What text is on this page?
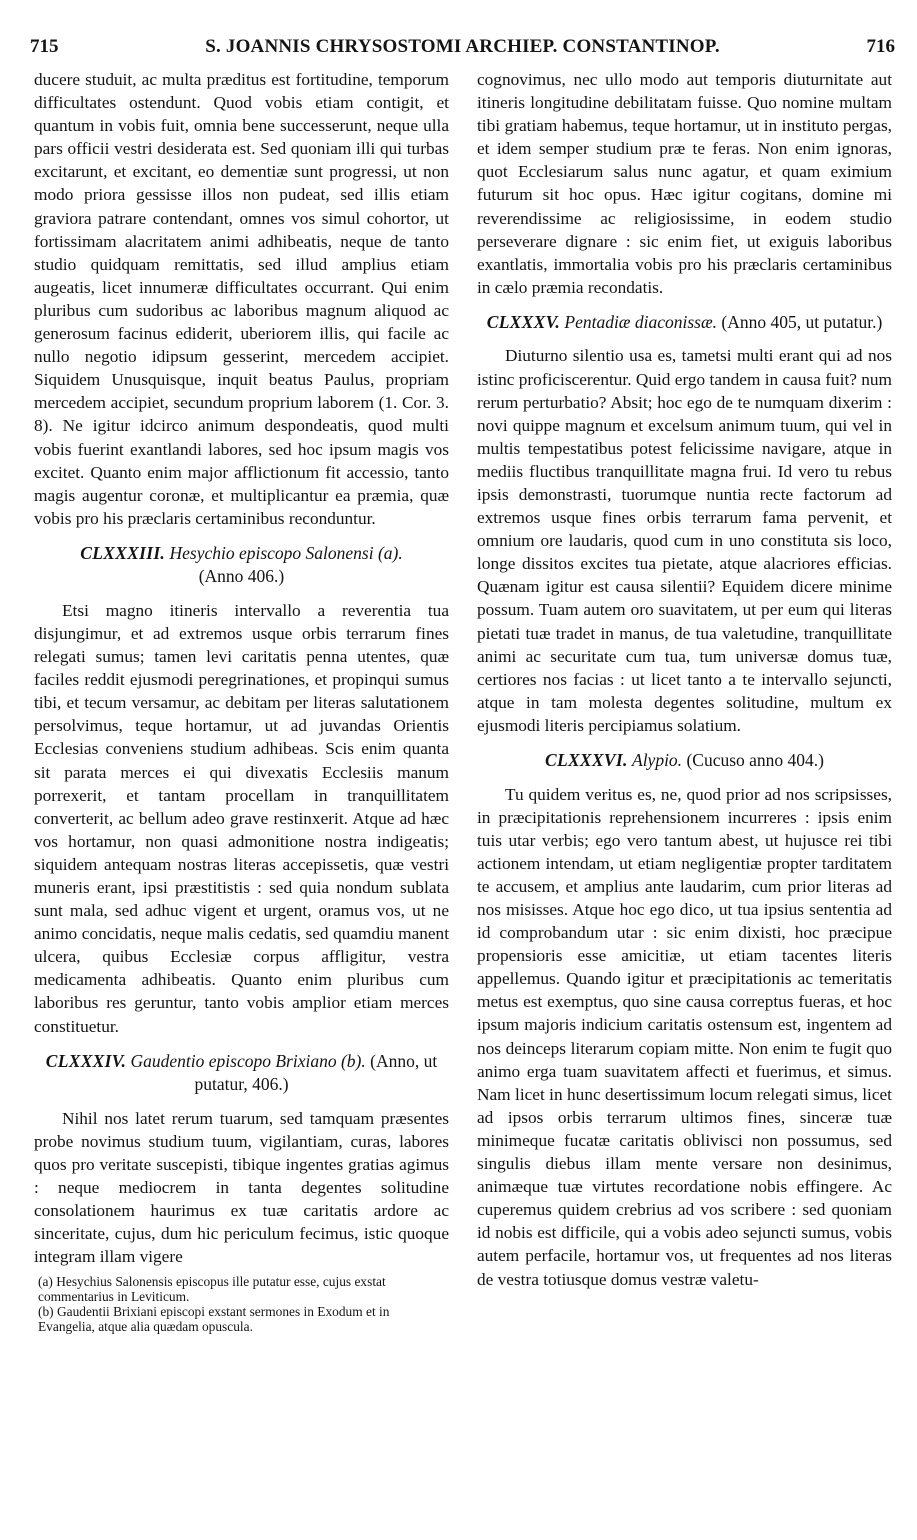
715	S. JOANNIS CHRYSOSTOMI ARCHIEP. CONSTANTINOP.	716

ducere studuit, ac multa præditus est fortitudine, temporum difficultates ostendunt. Quod vobis etiam contigit, et quantum in vobis fuit, omnia bene successerunt, neque ulla pars officii vestri desiderata est. Sed quoniam illi qui turbas excitarunt, et excitant, eo dementiæ sunt progressi, ut non modo priora gessisse illos non pudeat, sed illis etiam graviora patrare contendant, omnes vos simul cohortor, ut fortissimam alacritatem animi adhibeatis, neque de tanto studio quidquam remittatis, sed illud amplius etiam augeatis, licet innumeræ difficultates occurrant. Qui enim pluribus cum sudoribus ac laboribus magnum aliquod ac generosum facinus ediderit, uberiorem illis, qui facile ac nullo negotio idipsum gesserint, mercedem accipiet. Siquidem Unusquisque, inquit beatus Paulus, propriam mercedem accipiet, secundum proprium laborem (1. Cor. 3. 8). Ne igitur idcirco animum despondeatis, quod multi vobis fuerint exantlandi labores, sed hoc ipsum magis vos excitet. Quanto enim major afflictionum fit accessio, tanto magis augentur coronæ, et multiplicantur ea præmia, quæ vobis pro his præclaris certaminibus reconduntur.

CLXXXIII. Hesychio episcopo Salonensi (a).
(Anno 406.)

Etsi magno itineris intervallo a reverentia tua disjungimur, et ad extremos usque orbis terrarum fines relegati sumus; tamen levi caritatis penna utentes, quæ faciles reddit ejusmodi peregrinationes, et propinqui sumus tibi, et tecum versamur, ac debitam per literas salutationem persolvimus, teque hortamur, ut ad juvandas Orientis Ecclesias conveniens studium adhibeas. Scis enim quanta sit parata merces ei qui divexatis Ecclesiis manum porrexerit, et tantam procellam in tranquillitatem converterit, ac bellum adeo grave restinxerit. Atque ad hæc vos hortamur, non quasi admonitione nostra indigeatis; siquidem antequam nostras literas accepissetis, quæ vestri muneris erant, ipsi præstitistis : sed quia nondum sublata sunt mala, sed adhuc vigent et urgent, oramus vos, ut ne animo concidatis, neque malis cedatis, sed quamdiu manent ulcera, quibus Ecclesiæ corpus affligitur, vestra medicamenta adhibeatis. Quanto enim pluribus cum laboribus res geruntur, tanto vobis amplior etiam merces constituetur.

CLXXXIV. Gaudentio episcopo Brixiano (b). (Anno, ut putatur, 406.)

Nihil nos latet rerum tuarum, sed tamquam præsentes probe novimus studium tuum, vigilantiam, curas, labores quos pro veritate suscepisti, tibique ingentes gratias agimus : neque mediocrem in tanta degentes solitudine consolationem haurimus ex tuæ caritatis ardore ac sinceritate, cujus, dum hic periculum fecimus, istic quoque integram illam vigere

(a) Hesychius Salonensis episcopus ille putatur esse, cujus exstat commentarius in Leviticum.

(b) Gaudentii Brixiani episcopi exstant sermones in Exodum et in Evangelia, atque alia quædam opuscula.

cognovimus, nec ullo modo aut temporis diuturnitate aut itineris longitudine debilitatam fuisse. Quo nomine multam tibi gratiam habemus, teque hortamur, ut in instituto pergas, et idem semper studium præ te feras. Non enim ignoras, quot Ecclesiarum salus nunc agatur, et quam eximium futurum sit hoc opus. Hæc igitur cogitans, domine mi reverendissime ac religiosissime, in eodem studio perseverare dignare : sic enim fiet, ut exiguis laboribus exantlatis, immortalia vobis pro his præclaris certaminibus in cælo præmia recondatis.

CLXXXV. Pentadiæ diaconissæ. (Anno 405, ut putatur.)

Diuturno silentio usa es, tametsi multi erant qui ad nos istinc proficiscerentur. Quid ergo tandem in causa fuit? num rerum perturbatio? Absit; hoc ego de te numquam dixerim : novi quippe magnum et excelsum animum tuum, qui vel in multis tempestatibus potest felicissime navigare, atque in mediis fluctibus tranquillitate magna frui. Id vero tu rebus ipsis demonstrasti, tuorumque nuntia recte factorum ad extremos usque fines orbis terrarum fama pervenit, et omnium ore laudaris, quod cum in uno constituta sis loco, longe dissitos excites tua pietate, atque alacriores efficias. Quænam igitur est causa silentii? Equidem dicere minime possum. Tuam autem oro suavitatem, ut per eum qui literas pietati tuæ tradet in manus, de tua valetudine, tranquillitate animi ac securitate cum tua, tum universæ domus tuæ, certiores nos facias : ut licet tanto a te intervallo sejuncti, atque in tam molesta degentes solitudine, multum ex ejusmodi literis percipiamus solatium.

CLXXXVI. Alypio. (Cucuso anno 404.)

Tu quidem veritus es, ne, quod prior ad nos scripsisses, in præcipitationis reprehensionem incurreres : ipsis enim tuis utar verbis; ego vero tantum abest, ut hujusce rei tibi actionem intendam, ut etiam negligentiæ propter tarditatem te accusem, et amplius ante laudarim, cum prior literas ad nos misisses. Atque hoc ego dico, ut tua ipsius sententia ad id comprobandum utar : sic enim dixisti, hoc præcipue propensioris esse amicitiæ, ut etiam tacentes literis appellemus. Quando igitur et præcipitationis ac temeritatis metus est exemptus, quo sine causa correptus fueras, et hoc ipsum majoris indicium caritatis ostensum est, ingentem ad nos deinceps literarum copiam mitte. Non enim te fugit quo animo erga tuam suavitatem affecti et fuerimus, et simus. Nam licet in hunc desertissimum locum relegati simus, licet ad ipsos orbis terrarum ultimos fines, sinceræ tuæ minimeque fucatæ caritatis oblivisci non possumus, sed singulis diebus illam mente versare non desinimus, animæque tuæ virtutes recordatione nobis effingere. Ac cuperemus quidem crebrius ad vos scribere : sed quoniam id nobis est difficile, qui a vobis adeo sejuncti sumus, vobis autem perfacile, hortamur vos, ut frequentes ad nos literas de vestra totiusque domus vestræ valetu-
